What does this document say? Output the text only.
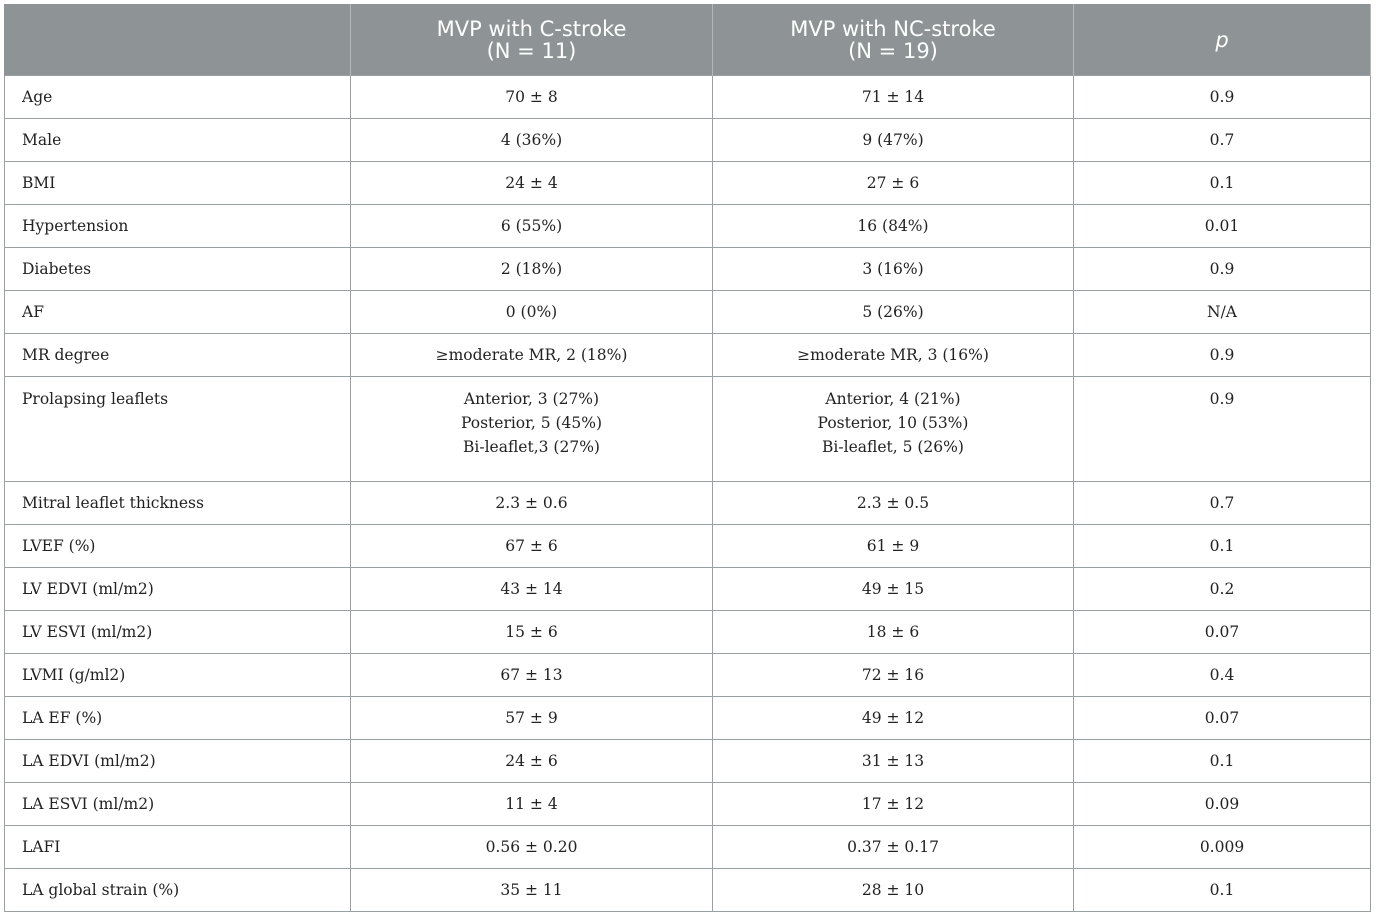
	MVP with C-stroke
(N = 11)	MVP with NC-stroke
(N = 19)	p
Age	70 ± 8	71 ± 14	0.9
Male	4 (36%)	9 (47%)	0.7
BMI	24 ± 4	27 ± 6	0.1
Hypertension	6 (55%)	16 (84%)	0.01
Diabetes	2 (18%)	3 (16%)	0.9
AF	0 (0%)	5 (26%)	N/A
MR degree	≥moderate MR, 2 (18%)	≥moderate MR, 3 (16%)	0.9
Prolapsing leaflets	Anterior, 3 (27%)
Posterior, 5 (45%)
Bi-leaflet,3 (27%)	Anterior, 4 (21%)
Posterior, 10 (53%)
Bi-leaflet, 5 (26%)	0.9
Mitral leaflet thickness	2.3 ± 0.6	2.3 ± 0.5	0.7
LVEF (%)	67 ± 6	61 ± 9	0.1
LV EDVI (ml/m2)	43 ± 14	49 ± 15	0.2
LV ESVI (ml/m2)	15 ± 6	18 ± 6	0.07
LVMI (g/ml2)	67 ± 13	72 ± 16	0.4
LA EF (%)	57 ± 9	49 ± 12	0.07
LA EDVI (ml/m2)	24 ± 6	31 ± 13	0.1
LA ESVI (ml/m2)	11 ± 4	17 ± 12	0.09
LAFI	0.56 ± 0.20	0.37 ± 0.17	0.009
LA global strain (%)	35 ± 11	28 ± 10	0.1
